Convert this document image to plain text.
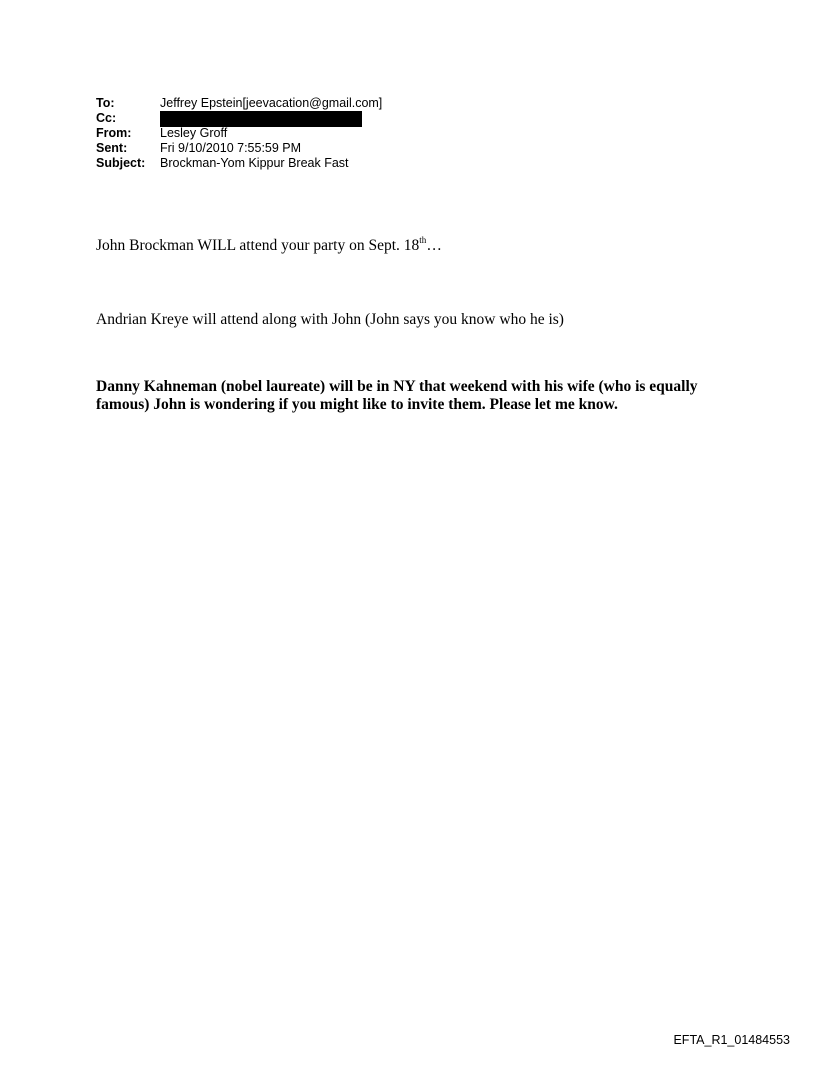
To:	Jeffrey Epstein[jeevacation@gmail.com]
Cc:
From:	Lesley Groff
Sent:	Fri 9/10/2010 7:55:59 PM
Subject:	Brockman-Yom Kippur Break Fast
John Brockman WILL attend your party on Sept. 18th…
Andrian Kreye will attend along with John (John says you know who he is)
Danny Kahneman (nobel laureate) will be in NY that weekend with his wife (who is equally famous) John is wondering if you might like to invite them. Please let me know.
EFTA_R1_01484553
